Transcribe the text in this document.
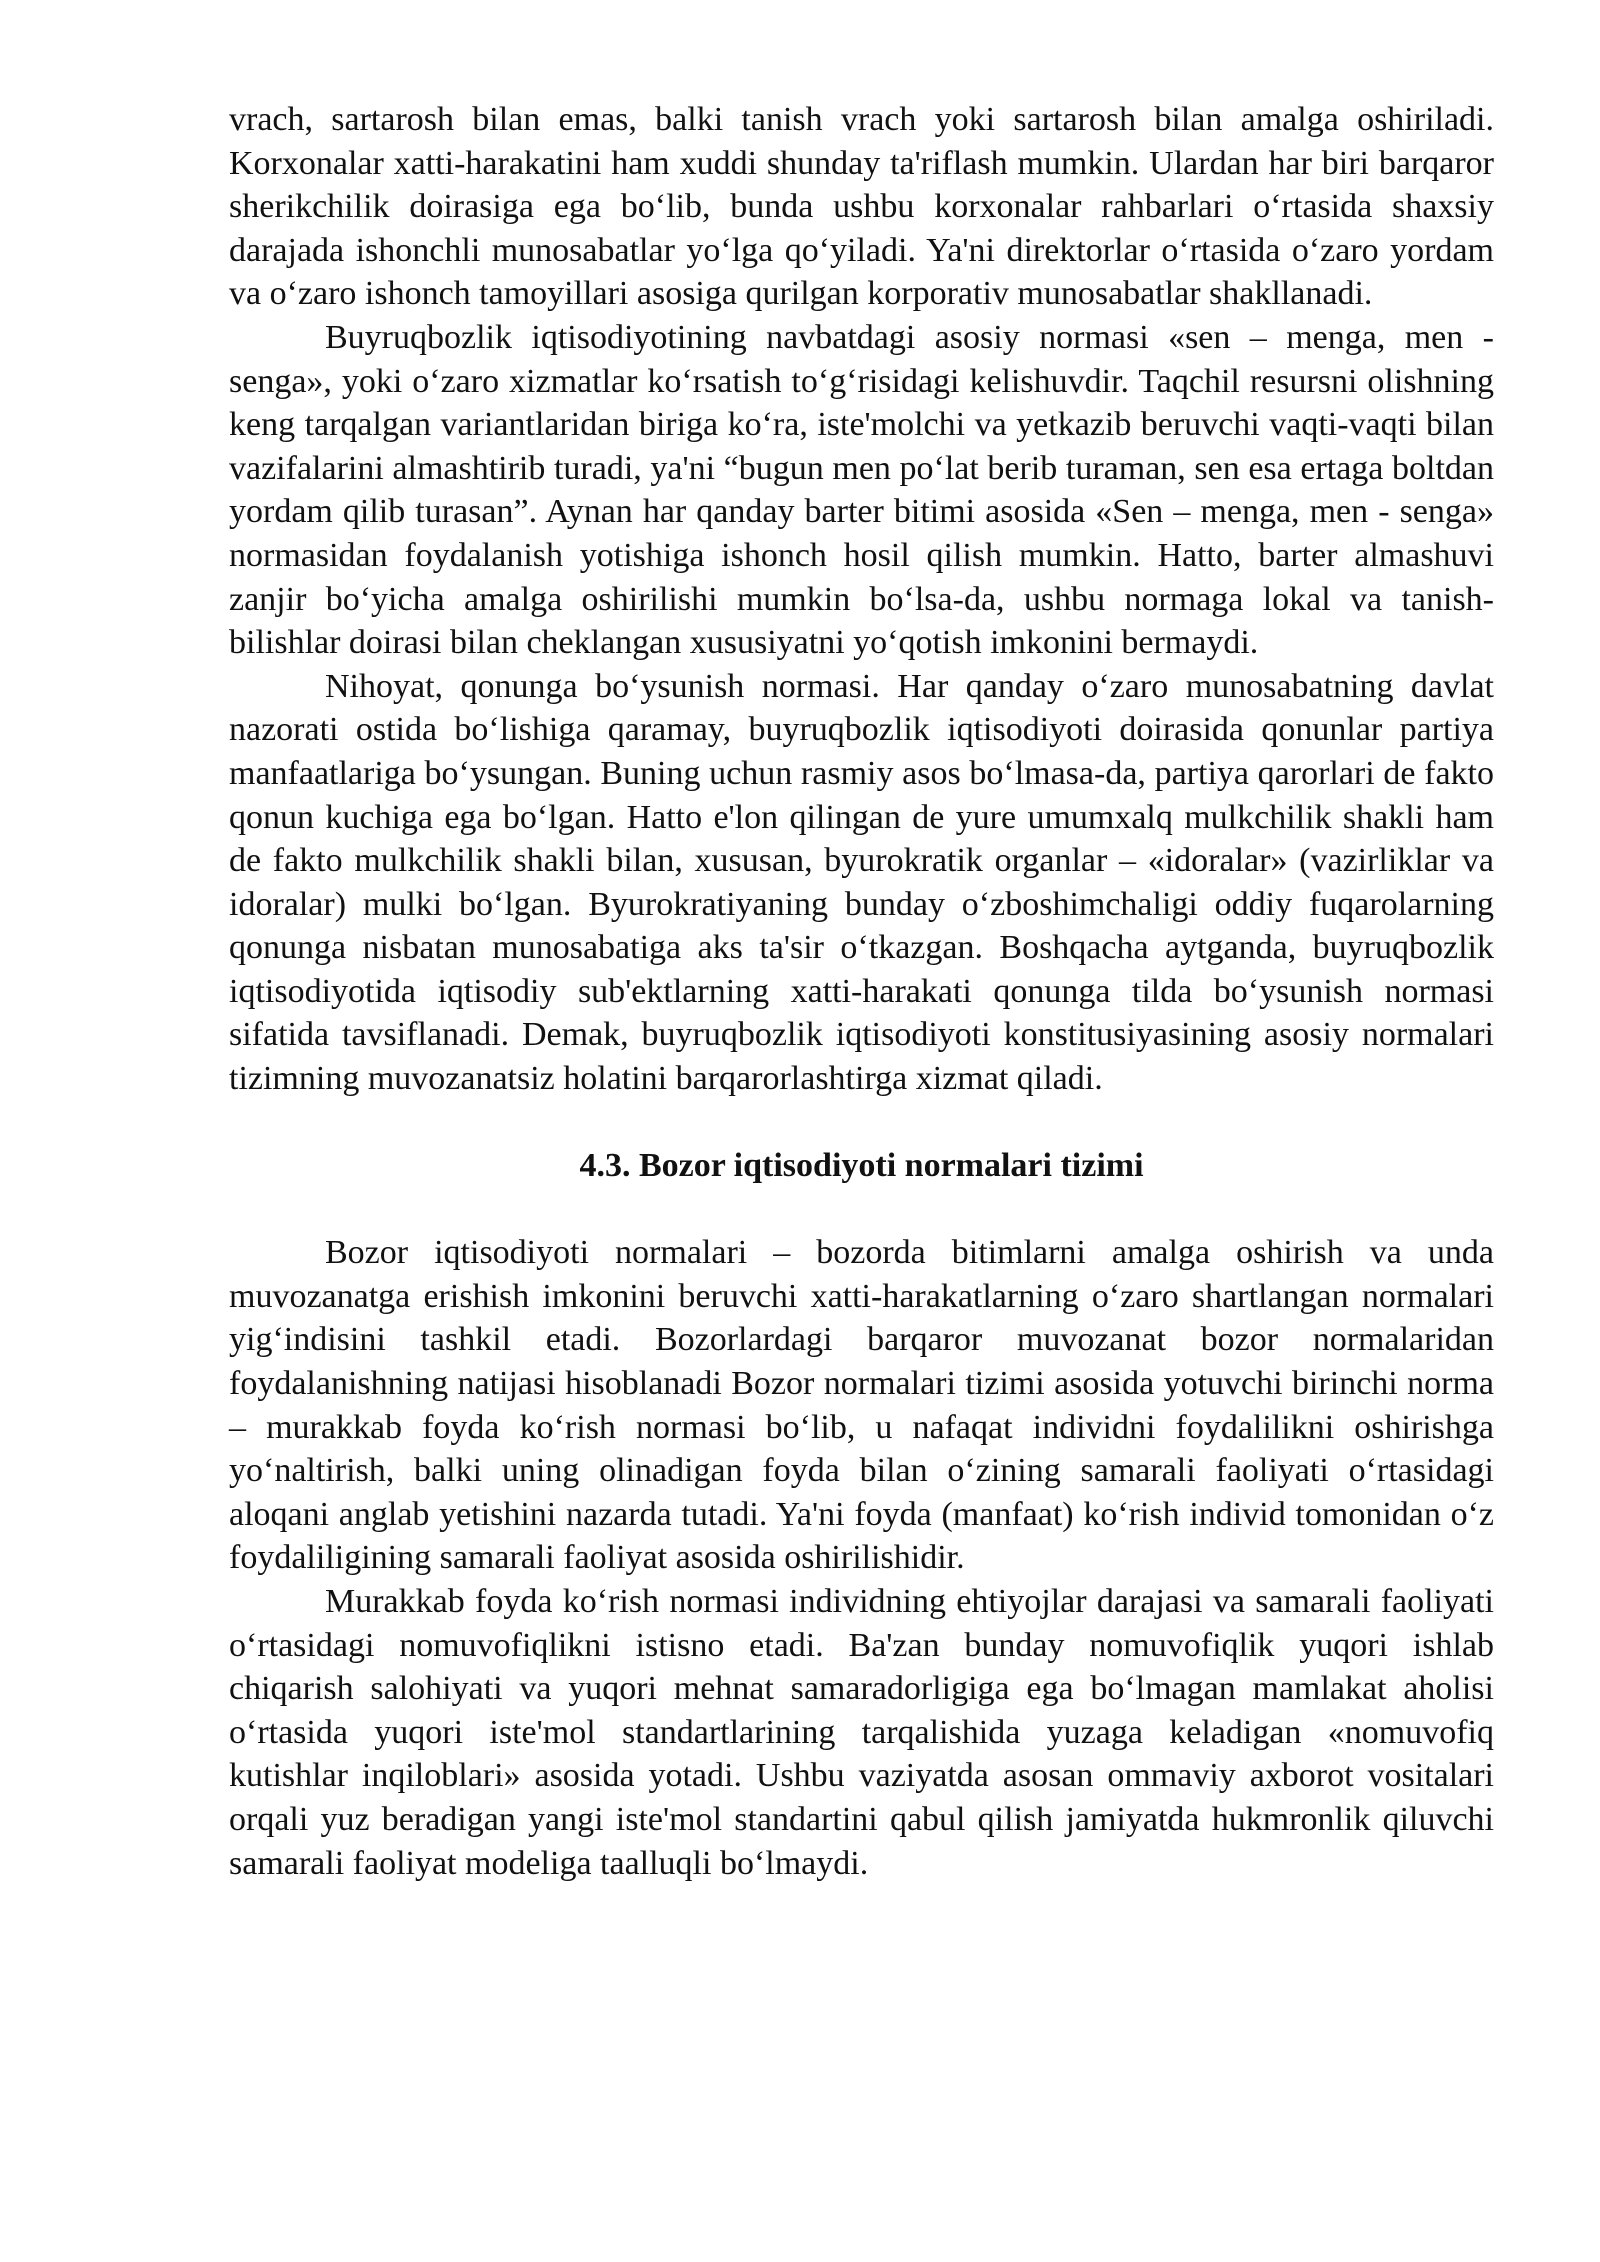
vrach, sartarosh bilan emas, balki tanish vrach yoki sartarosh bilan amalga oshiriladi. Korxonalar xatti-harakatini ham xuddi shunday ta'riflash mumkin. Ulardan har biri barqaror sherikchilik doirasiga ega bo‘lib, bunda ushbu korxonalar rahbarlari o‘rtasida shaxsiy darajada ishonchli munosabatlar yo‘lga qo‘yiladi. Ya'ni direktorlar o‘rtasida o‘zaro yordam va o‘zaro ishonch tamoyillari asosiga qurilgan korporativ munosabatlar shakllanadi.

Buyruqbozlik iqtisodiyotining navbatdagi asosiy normasi «sen – menga, men - senga», yoki o‘zaro xizmatlar ko‘rsatish to‘g‘risidagi kelishuvdir. Taqchil resursni olishning keng tarqalgan variantlaridan biriga ko‘ra, iste'molchi va yetkazib beruvchi vaqti-vaqti bilan vazifalarini almashtirib turadi, ya'ni “bugun men po‘lat berib turaman, sen esa ertaga boltdan yordam qilib turasan”. Aynan har qanday barter bitimi asosida «Sen – menga, men - senga» normasidan foydalanish yotishiga ishonch hosil qilish mumkin. Hatto, barter almashuvi zanjir bo‘yicha amalga oshirilishi mumkin bo‘lsa-da, ushbu normaga lokal va tanish-bilishlar doirasi bilan cheklangan xususiyatni yo‘qotish imkonini bermaydi.

Nihoyat, qonunga bo‘ysunish normasi. Har qanday o‘zaro munosabatning davlat nazorati ostida bo‘lishiga qaramay, buyruqbozlik iqtisodiyoti doirasida qonunlar partiya manfaatlariga bo‘ysungan. Buning uchun rasmiy asos bo‘lmasa-da, partiya qarorlari de fakto qonun kuchiga ega bo‘lgan. Hatto e'lon qilingan de yure umumxalq mulkchilik shakli ham de fakto mulkchilik shakli bilan, xususan, byurokratik organlar – «idoralar» (vazirliklar va idoralar) mulki bo‘lgan. Byurokratiyaning bunday o‘zboshimchaligi oddiy fuqarolarning qonunga nisbatan munosabatiga aks ta'sir o‘tkazgan. Boshqacha aytganda, buyruqbozlik iqtisodiyotida iqtisodiy sub'ektlarning xatti-harakati qonunga tilda bo‘ysunish normasi sifatida tavsiflanadi. Demak, buyruqbozlik iqtisodiyoti konstitusiyasining asosiy normalari tizimning muvozanatsiz holatini barqarorlashtirga xizmat qiladi.

4.3. Bozor iqtisodiyoti normalari tizimi

Bozor iqtisodiyoti normalari – bozorda bitimlarni amalga oshirish va unda muvozanatga erishish imkonini beruvchi xatti-harakatlarning o‘zaro shartlangan normalari yig‘indisini tashkil etadi. Bozorlardagi barqaror muvozanat bozor normalaridan foydalanishning natijasi hisoblanadi Bozor normalari tizimi asosida yotuvchi birinchi norma – murakkab foyda ko‘rish normasi bo‘lib, u nafaqat individni foydalilikni oshirishga yo‘naltirish, balki uning olinadigan foyda bilan o‘zining samarali faoliyati o‘rtasidagi aloqani anglab yetishini nazarda tutadi. Ya'ni foyda (manfaat) ko‘rish individ tomonidan o‘z foydaliligining samarali faoliyat asosida oshirilishidir.

Murakkab foyda ko‘rish normasi individning ehtiyojlar darajasi va samarali faoliyati o‘rtasidagi nomuvofiqlikni istisno etadi. Ba'zan bunday nomuvofiqlik yuqori ishlab chiqarish salohiyati va yuqori mehnat samaradorligiga ega bo‘lmagan mamlakat aholisi o‘rtasida yuqori iste'mol standartlarining tarqalishida yuzaga keladigan «nomuvofiq kutishlar inqiloblari» asosida yotadi. Ushbu vaziyatda asosan ommaviy axborot vositalari orqali yuz beradigan yangi iste'mol standartini qabul qilish jamiyatda hukmronlik qiluvchi samarali faoliyat modeliga taalluqli bo‘lmaydi.
